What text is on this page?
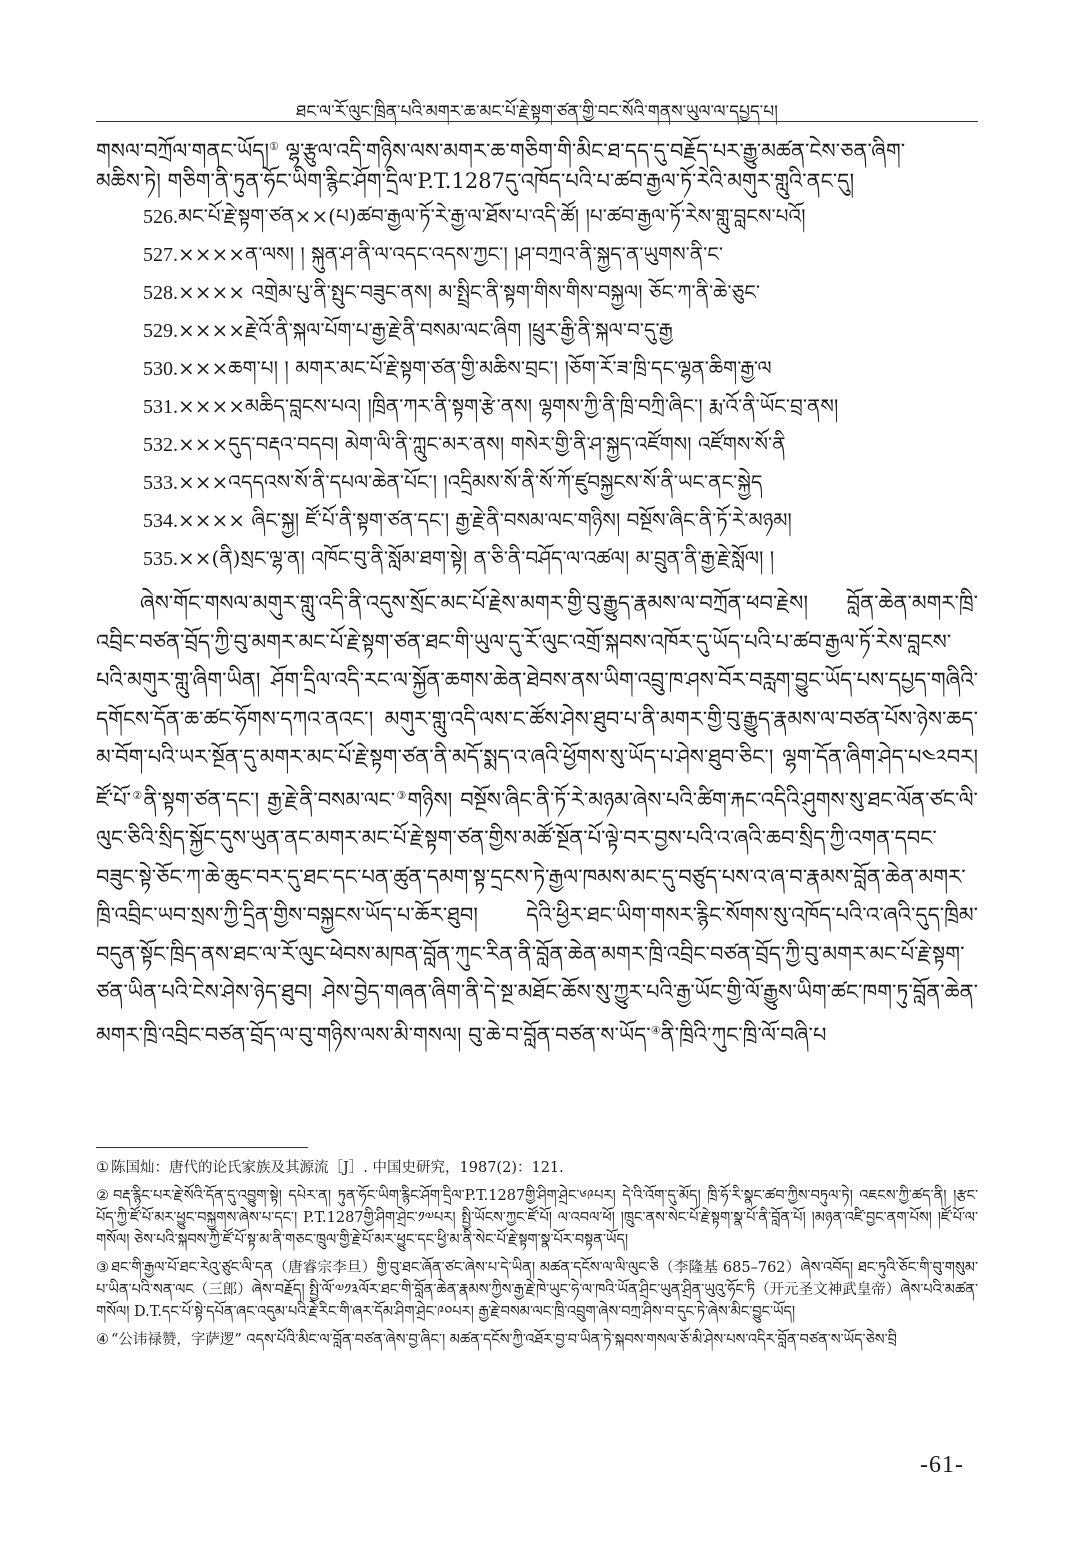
ཐང་ལ་ཪོ་ལུང་ཁྲིན་པའི་མགར་ཆ་མང་པོ་རྗེ་སྟག་ཙན་གྱི་བང་སོའི་གནས་ཡུལ་ལ་དཔྱད་པ།

གསལ་བཀྲོལ་གནང་ཡོད།① ལྷ་རྩུལ་འདི་གཉིས་ལས་མགར་ཆ་གཅིག་གི་མིང་ཐ་དད་དུ་བརྗོད་པར་རྒྱུ་མཚན་ངེས་ཅན་ཞིག་
མཆིས་ཏེ། གཅིག་ནི་ཏུན་ཧོང་ཡིག་རྙིང་ཤོག་དྲིལ་P.T.1287དུ་འཁོད་པའི་པ་ཚབ་རྒྱལ་ཏོ་རེའི་མགུར་གླུའི་ནང་དུ།

526.མང་པོ་རྗེ་སྟག་ཙན××(པ)ཚབ་རྒྱལ་ཏོ་རེ་རྒྱ་ལ་ཐོས་པ་འདི་ཚོ། །པ་ཚབ་རྒྱལ་ཏོ་རེས་གླུ་བླངས་པའོ།
527.××××ན་ལས། ། སྐུན་ཤ་ནི་ལ་འདང་འདས་ཀྱང་། །ཤ་བཀྲའ་ནི་སྐྱད་ན་ཡུགས་ནི་ང་
528.×××× འགྲེམ་པུ་ནི་སྤུང་བཟུང་ནས། མ་སྤྲིང་ནི་སྟག་གིས་གིས་བསྐྱལ། ཅོང་ཀ་ནི་ཆེ་ཅུང་
529.××××རྗེ་འོ་ནི་སྐལ་པོག་པ་རྒྱ་རྗེ་ནི་བསམ་ལང་ཞིག །ཕྲུར་རྒྱི་ནི་སྐལ་བ་དུ་རྒྱ
530.×××ཆག་པ། ། མགར་མང་པོ་རྗེ་སྟག་ཙན་གྱི་མཆིས་བྲང་། །ཅོག་རོ་ཟ་ཁྲི་དང་ལྷན་ཆིག་རྒྱ་ལ
531.××××མཆིད་བླངས་པའ། །ཁྲིན་ཀར་ནི་སྟག་རྩེ་ནས། ལྷགས་ཀྱི་ནི་ཁྲི་བཀྲི་ཞིང་། རྨ་འོ་ནི་ཡོང་བྲ་ནས།
532.×××དུད་བརྡའ་བདབ། མེག་ལི་ནི་ཀླུང་མར་ནས། གསེར་གྱི་ནི་ཤ་སྐྱད་འཛོགས། འཛོགས་སོ་ནི
533.×××འདདའས་སོ་ནི་དཔལ་ཆེན་པོང་། །འདྲིམས་སོ་ནི་སོ་ཀོ་ཛུབསྐྱངས་སོ་ནི་ཡང་ནང་སྐྱེད
534.×××× ཞིང་སྐྱ། ཛོ་པོ་ནི་སྟག་ཙན་དང་། རྒྱ་རྗེ་ནི་བསམ་ལང་གཉིས། བསྔོས་ཞིང་ནི་ཏོ་རེ་མཉམ།
535.××(ནི)སྲང་ལྷ་ན། འཁོང་བུ་ནི་སློམ་ཐག་སྟེ། ན་ཅི་ནི་བཤོད་ལ་འཚལ། མ་བྲུན་ནི་རྒྱ་རྗེ་སློལ། །

ཞེས་གོང་གསལ་མགུར་གླུ་འདི་ནི་འདུས་སྲོང་མང་པོ་རྗེས་མགར་གྱི་བུ་རྒྱུད་རྣམས་ལ་བཀྲོན་ཕབ་རྗེས། བློན་ཆེན་མགར་ཁྲི་འབྲིང་བཙན་བྲོད་ཀྱི་བུ་མགར་མང་པོ་རྗེ་སྟག་ཙན་ཐང་གི་ཡུལ་དུ་ཪོ་ལུང་འགྲོ་སྐབས་འཁོར་དུ་ཡོད་པའི་པ་ཚབ་རྒྱལ་ཏོ་རེས་བླངས་པའི་མགུར་གླུ་ཞིག་ཡིན། ཤོག་དྲིལ་འདི་རང་ལ་སྐྱོན་ཆགས་ཆེན་ཐེབས་ནས་ཡིག་འབྲུ་ཁ་ཤས་བོར་བརླག་བྱུང་ཡོད་པས་དཔྱད་གཞིའི་དགོངས་དོན་ཆ་ཚང་ཧོགས་དཀའ་ནའང་། མགུར་གླུ་འདི་ལས་ང་ཚོས་ཤེས་ཐུབ་པ་ནི་མགར་གྱི་བུ་རྒྱུད་རྣམས་ལ་བཙན་པོས་ཉེས་ཆད་མ་བོག་པའི་ཡར་སྔོན་དུ་མགར་མང་པོ་རྗེ་སྟག་ཙན་ནི་མདོ་སྨད་འ་ཞའི་ཕྱོགས་སུ་ཡོད་པ་ཤེས་ཐུབ་ཅིང་། ལྷག་དོན་ཞིག་ཤེད་པ༤༢བར། ཛོ་པོ་②ནི་སྟག་ཙན་དང་། རྒྱ་རྗེ་ནི་བསམ་ལང་③གཉིས། བསྔོས་ཞིང་ནི་ཏོ་རེ་མཉམ་ཞེས་པའི་ཚིག་རྐང་འདིའི་ཤུགས་སུ་ཐང་ལོན་ཙང་ལི་ལུང་ཅིའི་སྲིད་སྐྱོང་དུས་ཡུན་ནང་མགར་མང་པོ་རྗེ་སྟག་ཙན་གྱིས་མཚོ་སྔོན་པོ་ལྟེ་བར་བྱས་པའི་འ་ཞའི་ཆབ་སྲིད་ཀྱི་འགན་དབང་བཟུང་སྟེ་ཅོང་ཀ་ཆེ་ཆུང་བར་དུ་ཐང་དང་པན་ཚུན་དམག་སྟ་དྲངས་ཏེ་རྒྱལ་ཁམས་མང་དུ་བཙུད་པས་འ་ཞ་བ་རྣམས་བློན་ཆེན་མགར་ཁྲི་འབྲིང་ཡབ་སྲས་ཀྱི་དྲིན་གྱིས་བསྐྱངས་ཡོད་པ་ཆོར་ཐུབ། དེའི་ཕྱིར་ཐང་ཡིག་གསར་རྙིང་སོགས་སུ་འཁོད་པའི་འ་ཞའི་དུད་ཁྲིམ་བདུན་སྟོང་ཁྲིད་ནས་ཐང་ལ་ཪོ་ལུང་ཕེབས་མཁན་བློན་ཀུང་རིན་ནི་བློན་ཆེན་མགར་ཁྲི་འབྲིང་བཙན་བྲོད་ཀྱི་བུ་མགར་མང་པོ་རྗེ་སྟག་ཙན་ཡིན་པའི་ངེས་ཤེས་ཉེད་ཐུབ། ཤེས་བྱེད་གཞན་ཞིག་ནི་དེ་སྔ་མཐོང་ཆོས་སུ་ཀྱུར་པའི་རྒྱ་ཡོང་གྱི་ལོ་རྒྱུས་ཡིག་ཚང་ཁག་ཏུ་བློན་ཆེན་མགར་ཁྲི་འབྲིང་བཙན་བྲོད་ལ་བུ་གཉིས་ལས་མི་གསལ། བུ་ཆེ་བ་བློན་བཙན་ས་ཡོད་④ནི་ཁྲིའི་ཀུང་ཁྲི་ལོ་བཞི་པ

① 陈国灿：唐代的论氏家族及其源流［J］. 中国史研究，1987(2)：121.

② བརྡ་རྙིང་པར་རྗེ་སོའི་དོན་དུ་འབྱུག་སྟེ། དཔེར་ན། ཏུན་ཧོང་ཡིག་རྙིང་ཤོག་དྲིལ་P.T.1287གྱི་ཤིག་ཤྲེང་༦༩པར། དེ་འི་འོག་དུ་མོད། ཁྲི་ཧོ་རི་སྣང་ཚབ་ཀྱིས་བཏུལ་ཏེ། འཇངས་ཀྱི་ཚད་ནི། །རྩང་པོད་ཀྱི་ཛོ་པོ་མར་ཕྱུང་བསྐྱགས་ཞེས་པ་དང་། P.T.1287གྱི་ཤིག་ཤྲེང་༡༧པར། སྤྱི་ཡོངས་ཀྱང་ཛོ་པོ། ལ་འབལ་ཕོ། །ཁྲུང་ནས་སེང་པོ་རྗེ་སྟག་སྣ་པོ་ནི་བློན་པོ། །མཉན་འཛི་བྱང་ནག་པོས། །ཛོ་པོ་ལ་གསོལ། ཅེས་པའི་སྐབས་ཀྱི་ཛོ་པོ་སྟ་མ་ནི་གཅང་ཁྲུལ་གྱི་རྗེ་པོ་མར་ཕྱུང་དང་ཕྱི་མ་ནི་སེང་པོ་རྗེ་སྟག་སྣ་པོར་བསྟན་ཡོད།

③ ཐང་གི་རྒྱལ་པོ་ཐང་རེའུ་ཙུང་ལི་དན（唐睿宗李旦）གྱི་བུ་ཐང་ཞོན་ཙང་ཞེས་པ་དེ་ཡིན། མཚན་དངོས་ལ་ལི་ལུང་ཅི（李隆基 685–762）ཞེས་འབོད། ཐང་ཏུའི་ཅོང་གི་བུ་གསུམ་པ་ཡིན་པའི་སན་ལང（三郎）ཞེས་བརྗོད། སྤྱི་ལོ་༧༡༣ལོར་ཐང་གི་བློན་ཆེན་རྣམས་ཀྱིས་རྒྱ་རྗེ་ཁེ་ཡུང་ཧེ་ལ་ཁའི་ཡོན་ཤྲིང་ཡུན་ཤྲིན་ཡུའུ་ཧོང་ཏི（开元圣文神武皇帝）ཞེས་པའི་མཚན་གསོལ། D.T.དང་པོ་སྟེ་དཔོན་ཞང་འདུམ་པའི་རྗེ་རིང་གི་ཞར་དོམ་ཤིག་ཤྲེང་༩༠པར། རྒྱ་རྗེ་བསམ་ལང་ཁྲི་འབྲུག་ཞེས་བཀྲ་ཤིས་བ་དུང་ཏེ་ཞེས་མིང་བྱུང་ཡོད།

④ “公讳禄赞，字萨逻” འདས་པོའི་མིང་ལ་བློན་བཙན་ཞེས་བྱ་ཞིང་། མཚན་དངོས་ཀྱི་འཐོར་བྱ་བ་ཡིན་ཏེ་སྐབས་གསལ་ཅོ་མི་ཤེས་པས་འདིར་བློན་བཙན་ས་ཡོད་ཅེས་བྲི

-61-
